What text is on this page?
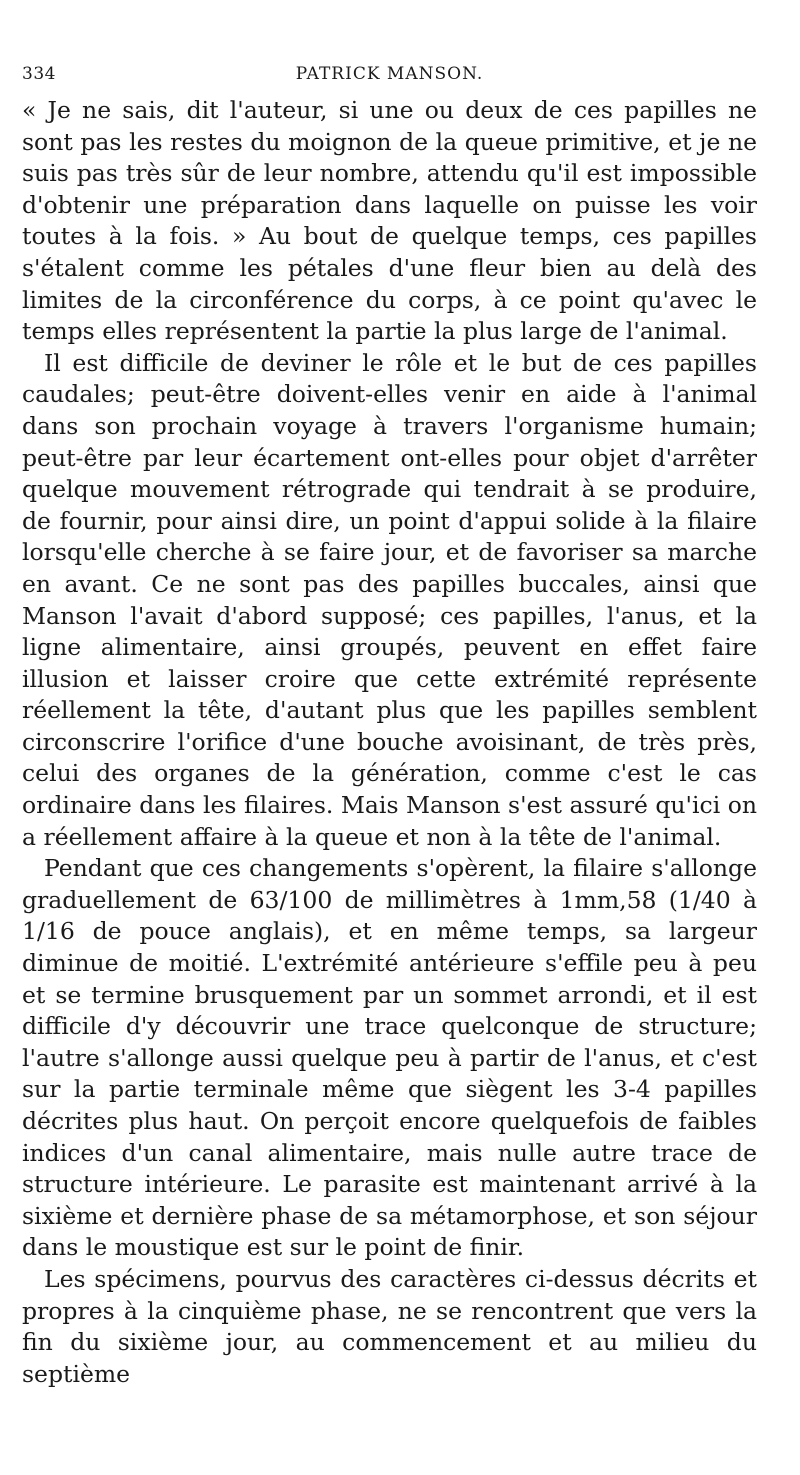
334	PATRICK MANSON.

« Je ne sais, dit l'auteur, si une ou deux de ces papilles ne sont pas les restes du moignon de la queue primitive, et je ne suis pas très sûr de leur nombre, attendu qu'il est impossible d'obtenir une préparation dans laquelle on puisse les voir toutes à la fois. » Au bout de quelque temps, ces papilles s'étalent comme les pétales d'une fleur bien au delà des limites de la circonférence du corps, à ce point qu'avec le temps elles représentent la partie la plus large de l'animal.

Il est difficile de deviner le rôle et le but de ces papilles caudales; peut-être doivent-elles venir en aide à l'animal dans son prochain voyage à travers l'organisme humain; peut-être par leur écartement ont-elles pour objet d'arrêter quelque mouvement rétrograde qui tendrait à se produire, de fournir, pour ainsi dire, un point d'appui solide à la filaire lorsqu'elle cherche à se faire jour, et de favoriser sa marche en avant. Ce ne sont pas des papilles buccales, ainsi que Manson l'avait d'abord supposé; ces papilles, l'anus, et la ligne alimentaire, ainsi groupés, peuvent en effet faire illusion et laisser croire que cette extrémité représente réellement la tête, d'autant plus que les papilles semblent circonscrire l'orifice d'une bouche avoisinant, de très près, celui des organes de la génération, comme c'est le cas ordinaire dans les filaires. Mais Manson s'est assuré qu'ici on a réellement affaire à la queue et non à la tête de l'animal.

Pendant que ces changements s'opèrent, la filaire s'allonge graduellement de 63/100 de millimètres à 1mm,58 (1/40 à 1/16 de pouce anglais), et en même temps, sa largeur diminue de moitié. L'extrémité antérieure s'effile peu à peu et se termine brusquement par un sommet arrondi, et il est difficile d'y découvrir une trace quelconque de structure; l'autre s'allonge aussi quelque peu à partir de l'anus, et c'est sur la partie terminale même que siègent les 3-4 papilles décrites plus haut. On perçoit encore quelquefois de faibles indices d'un canal alimentaire, mais nulle autre trace de structure intérieure. Le parasite est maintenant arrivé à la sixième et dernière phase de sa métamorphose, et son séjour dans le moustique est sur le point de finir.

Les spécimens, pourvus des caractères ci-dessus décrits et propres à la cinquième phase, ne se rencontrent que vers la fin du sixième jour, au commencement et au milieu du septième
